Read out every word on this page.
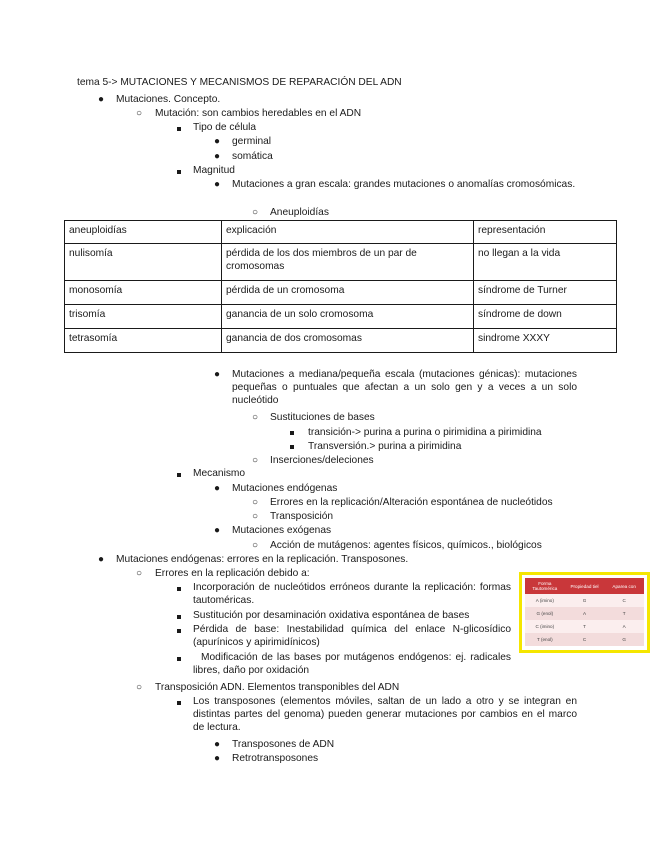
tema 5-> MUTACIONES Y MECANISMOS DE REPARACIÓN DEL ADN
● Mutaciones. Concepto.
○ Mutación: son cambios heredables en el ADN
Tipo de célula
● germinal
● somática
Magnitud
● Mutaciones a gran escala: grandes mutaciones o anomalías cromosómicas.
○ Aneuploidías
aneuploidías	explicación	representación
nulisomía	pérdida de los dos miembros de un par de cromosomas	no llegan a la vida
monosomía	pérdida de un cromosoma	síndrome de Turner
trisomía	ganancia de un solo cromosoma	síndrome de down
tetrasomía	ganancia de dos cromosomas	sindrome XXXY
● Mutaciones a mediana/pequeña escala (mutaciones génicas): mutaciones pequeñas o puntuales que afectan a un solo gen y a veces a un solo nucleótido
○ Sustituciones de bases
transición-> purina a purina o pirimidina a pirimidina
Transversión.> purina a pirimidina
○ Inserciones/deleciones
Mecanismo
● Mutaciones endógenas
○ Errores en la replicación/Alteración espontánea de nucleótidos
○ Transposición
● Mutaciones exógenas
○ Acción de mutágenos: agentes físicos, químicos., biológicos
● Mutaciones endógenas: errores en la replicación. Transposones.
○ Errores en la replicación debido a:
Incorporación de nucleótidos erróneos durante la replicación: formas tautoméricas.
Sustitución por desaminación oxidativa espontánea de bases
Pérdida de base: Inestabilidad química del enlace N-glicosídico (apurínicos y apirimidínicos)
Modificación de las bases por mutágenos endógenos: ej. radicales libres, daño por oxidación
○ Transposición ADN. Elementos transponibles del ADN
Los transposones (elementos móviles, saltan de un lado a otro y se integran en distintas partes del genoma) pueden generar mutaciones por cambios en el marco de lectura.
● Transposones de ADN
● Retrotransposones
Forma Tautomérica	Propiedad tiel	Aparea con
A (imino)	G	C
G (enol)	A	T
C (imino)	T	A
T (enol)	C	G
